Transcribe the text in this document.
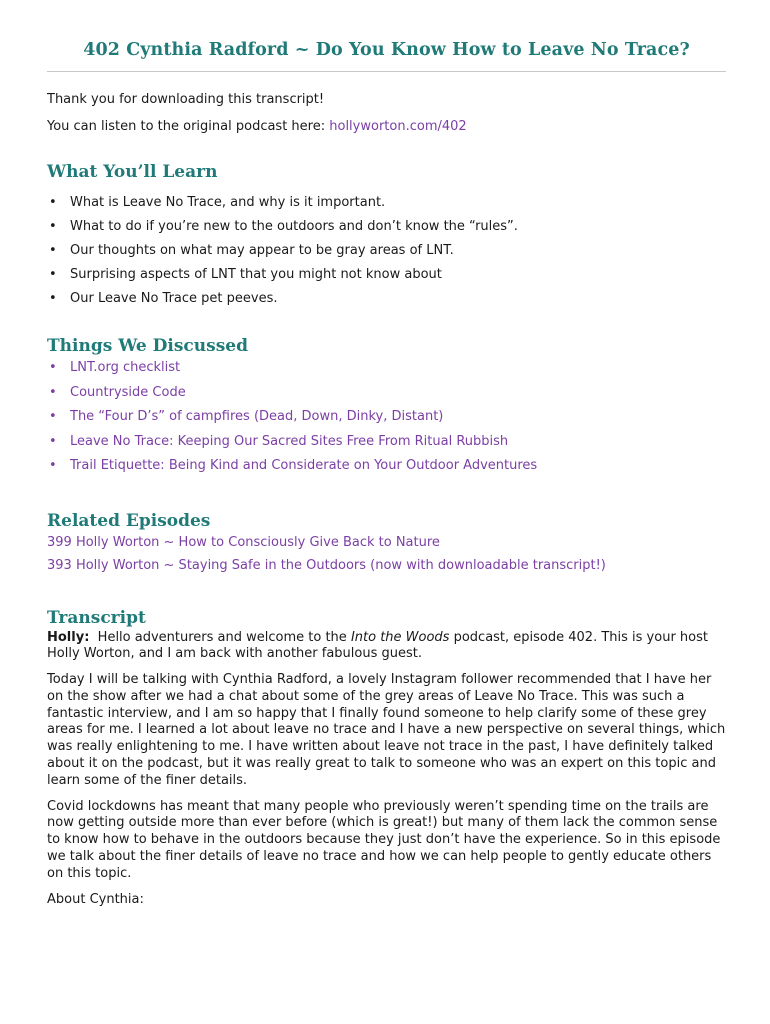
402 Cynthia Radford ~ Do You Know How to Leave No Trace?

Thank you for downloading this transcript!

You can listen to the original podcast here: hollyworton.com/402

What You’ll Learn
• What is Leave No Trace, and why is it important.
• What to do if you’re new to the outdoors and don’t know the “rules”.
• Our thoughts on what may appear to be gray areas of LNT.
• Surprising aspects of LNT that you might not know about
• Our Leave No Trace pet peeves.
Things We Discussed
• LNT.org checklist
• Countryside Code
• The “Four D’s” of campfires (Dead, Down, Dinky, Distant)
• Leave No Trace: Keeping Our Sacred Sites Free From Ritual Rubbish
• Trail Etiquette: Being Kind and Considerate on Your Outdoor Adventures
Related Episodes
399 Holly Worton ~ How to Consciously Give Back to Nature
393 Holly Worton ~ Staying Safe in the Outdoors (now with downloadable transcript!)
Transcript

Holly:  Hello adventurers and welcome to the Into the Woods podcast, episode 402. This is your host Holly Worton, and I am back with another fabulous guest.

Today I will be talking with Cynthia Radford, a lovely Instagram follower recommended that I have her on the show after we had a chat about some of the grey areas of Leave No Trace. This was such a fantastic interview, and I am so happy that I finally found someone to help clarify some of these grey areas for me. I learned a lot about leave no trace and I have a new perspective on several things, which was really enlightening to me. I have written about leave not trace in the past, I have definitely talked about it on the podcast, but it was really great to talk to someone who was an expert on this topic and learn some of the finer details.

Covid lockdowns has meant that many people who previously weren’t spending time on the trails are now getting outside more than ever before (which is great!) but many of them lack the common sense to know how to behave in the outdoors because they just don’t have the experience. So in this episode we talk about the finer details of leave no trace and how we can help people to gently educate others on this topic.

About Cynthia:
